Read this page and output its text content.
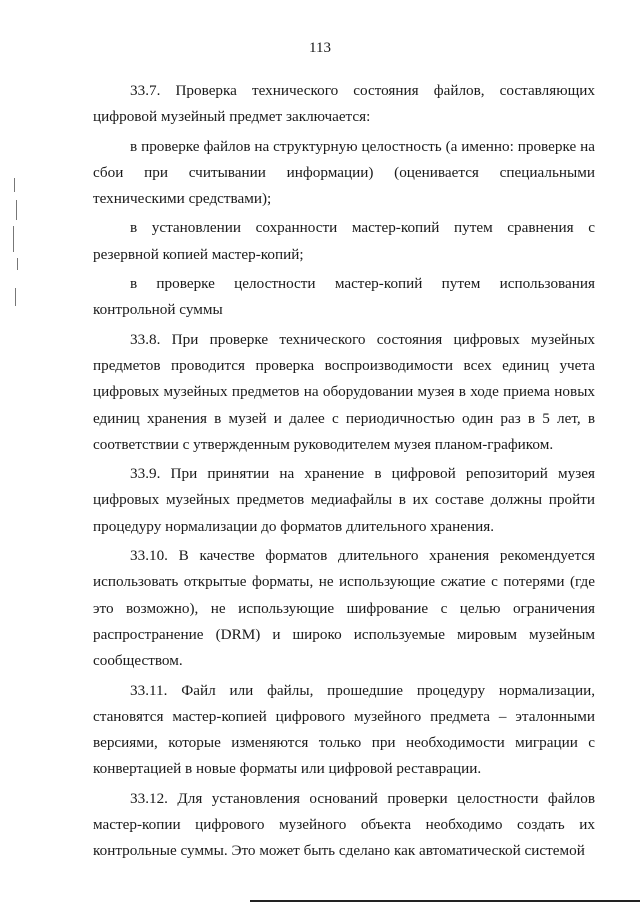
113

33.7. Проверка технического состояния файлов, составляющих цифровой музейный предмет заключается:

в проверке файлов на структурную целостность (а именно: проверке на сбои при считывании информации) (оценивается специальными техническими средствами);

в установлении сохранности мастер-копий путем сравнения с резервной копией мастер-копий;

в проверке целостности мастер-копий путем использования контрольной суммы

33.8. При проверке технического состояния цифровых музейных предметов проводится проверка воспроизводимости всех единиц учета цифровых музейных предметов на оборудовании музея в ходе приема новых единиц хранения в музей и далее с периодичностью один раз в 5 лет, в соответствии с утвержденным руководителем музея планом-графиком.

33.9. При принятии на хранение в цифровой репозиторий музея цифровых музейных предметов медиафайлы в их составе должны пройти процедуру нормализации до форматов длительного хранения.

33.10. В качестве форматов длительного хранения рекомендуется использовать открытые форматы, не использующие сжатие с потерями (где это возможно), не использующие шифрование с целью ограничения распространение (DRM) и широко используемые мировым музейным сообществом.

33.11. Файл или файлы, прошедшие процедуру нормализации, становятся мастер-копией цифрового музейного предмета – эталонными версиями, которые изменяются только при необходимости миграции с конвертацией в новые форматы или цифровой реставрации.

33.12. Для установления оснований проверки целостности файлов мастер-копии цифрового музейного объекта необходимо создать их контрольные суммы. Это может быть сделано как автоматической системой
